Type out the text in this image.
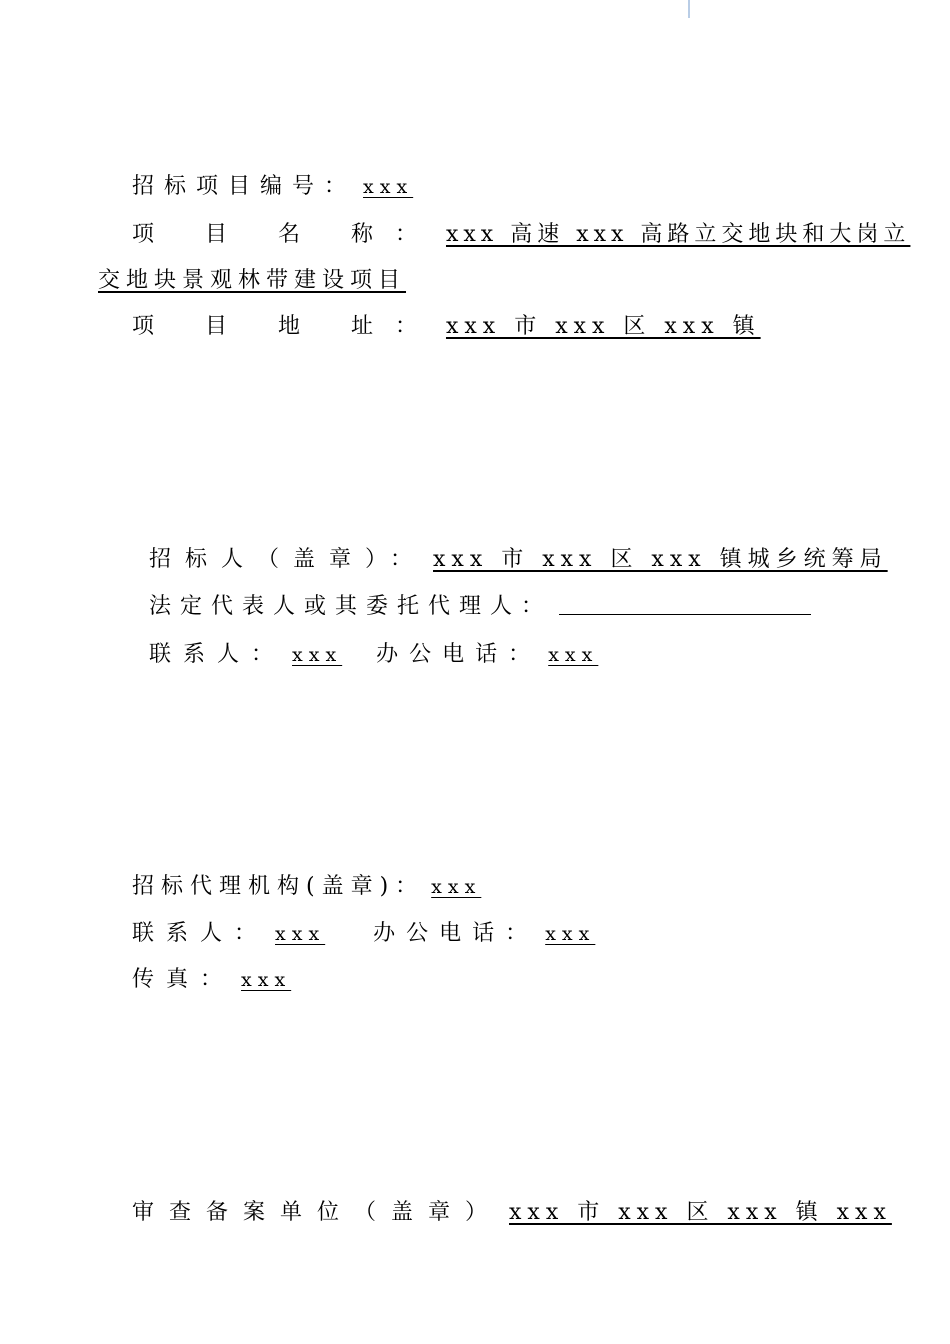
招标项目编号： xxx
项 目 名 称： xxx 高速 xxx 高路立交地块和大岗立
交地块景观林带建设项目
项 目 地 址： xxx 市 xxx 区 xxx 镇
招标人（盖章）： xxx 市 xxx 区 xxx 镇城乡统筹局
法定代表人或其委托代理人：
联系人： xxx 办公电话： xxx
招标代理机构(盖章)： xxx
联系人： xxx 办公电话： xxx
传真： xxx
审查备案单位（盖章） xxx 市 xxx 区 xxx 镇 xxx
